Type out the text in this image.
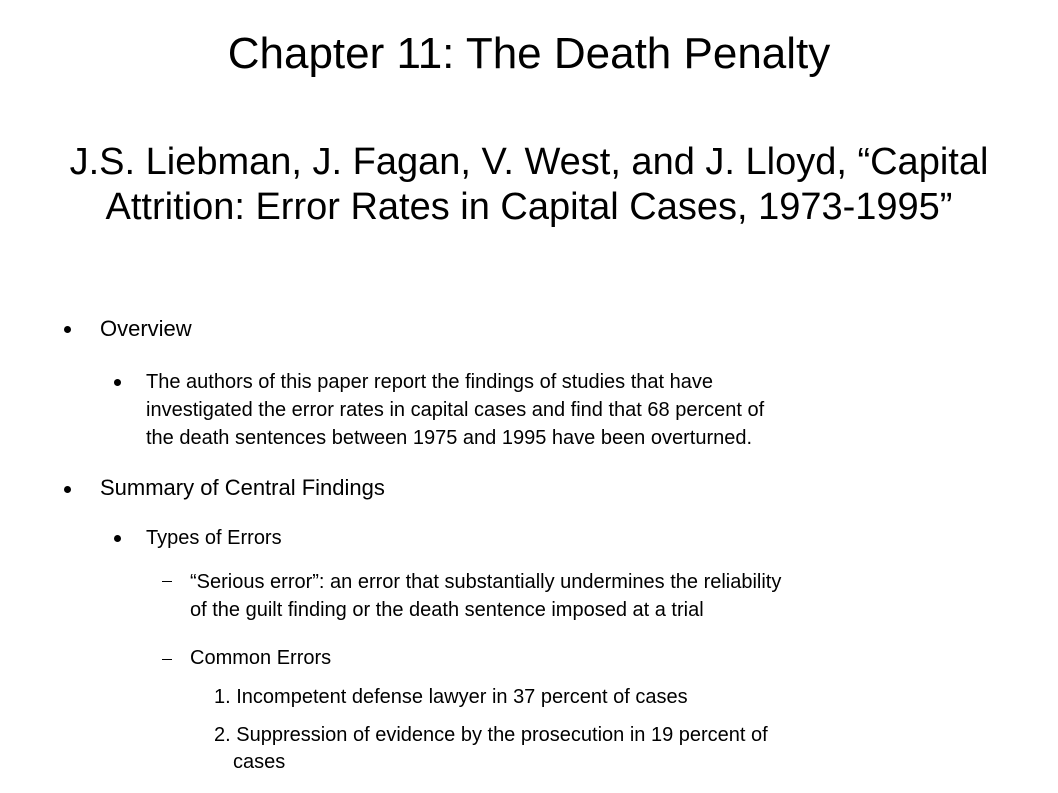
Chapter 11: The Death Penalty
J.S. Liebman, J. Fagan, V. West, and J. Lloyd, “Capital Attrition: Error Rates in Capital Cases, 1973-1995”

Overview

The authors of this paper report the findings of studies that have

investigated the error rates in capital cases and find that 68 percent of

the death sentences between 1975 and 1995 have been overturned.

Summary of Central Findings

Types of Errors

“Serious error”: an error that substantially undermines the reliability

of the guilt finding or the death sentence imposed at a trial

Common Errors

1. Incompetent defense lawyer in 37 percent of cases

2. Suppression of evidence by the prosecution in 19 percent of

cases
